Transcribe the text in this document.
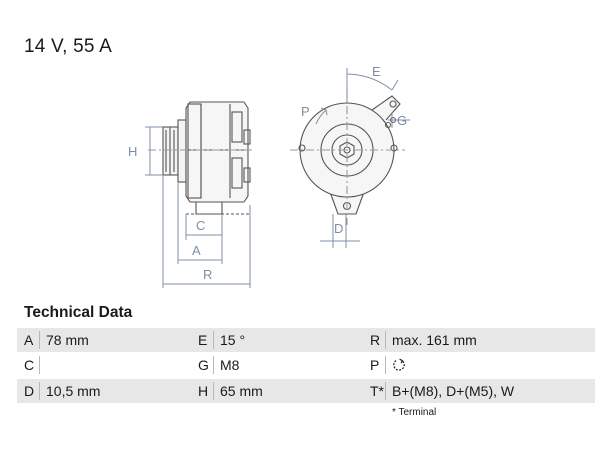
14 V, 55 A
H
C
A
R
E
P
G
D
Technical Data
A 78 mm	E 15 °	R max. 161 mm
C	G M8	P
D 10,5 mm	H 65 mm	T* B+(M8), D+(M5), W
* Terminal
